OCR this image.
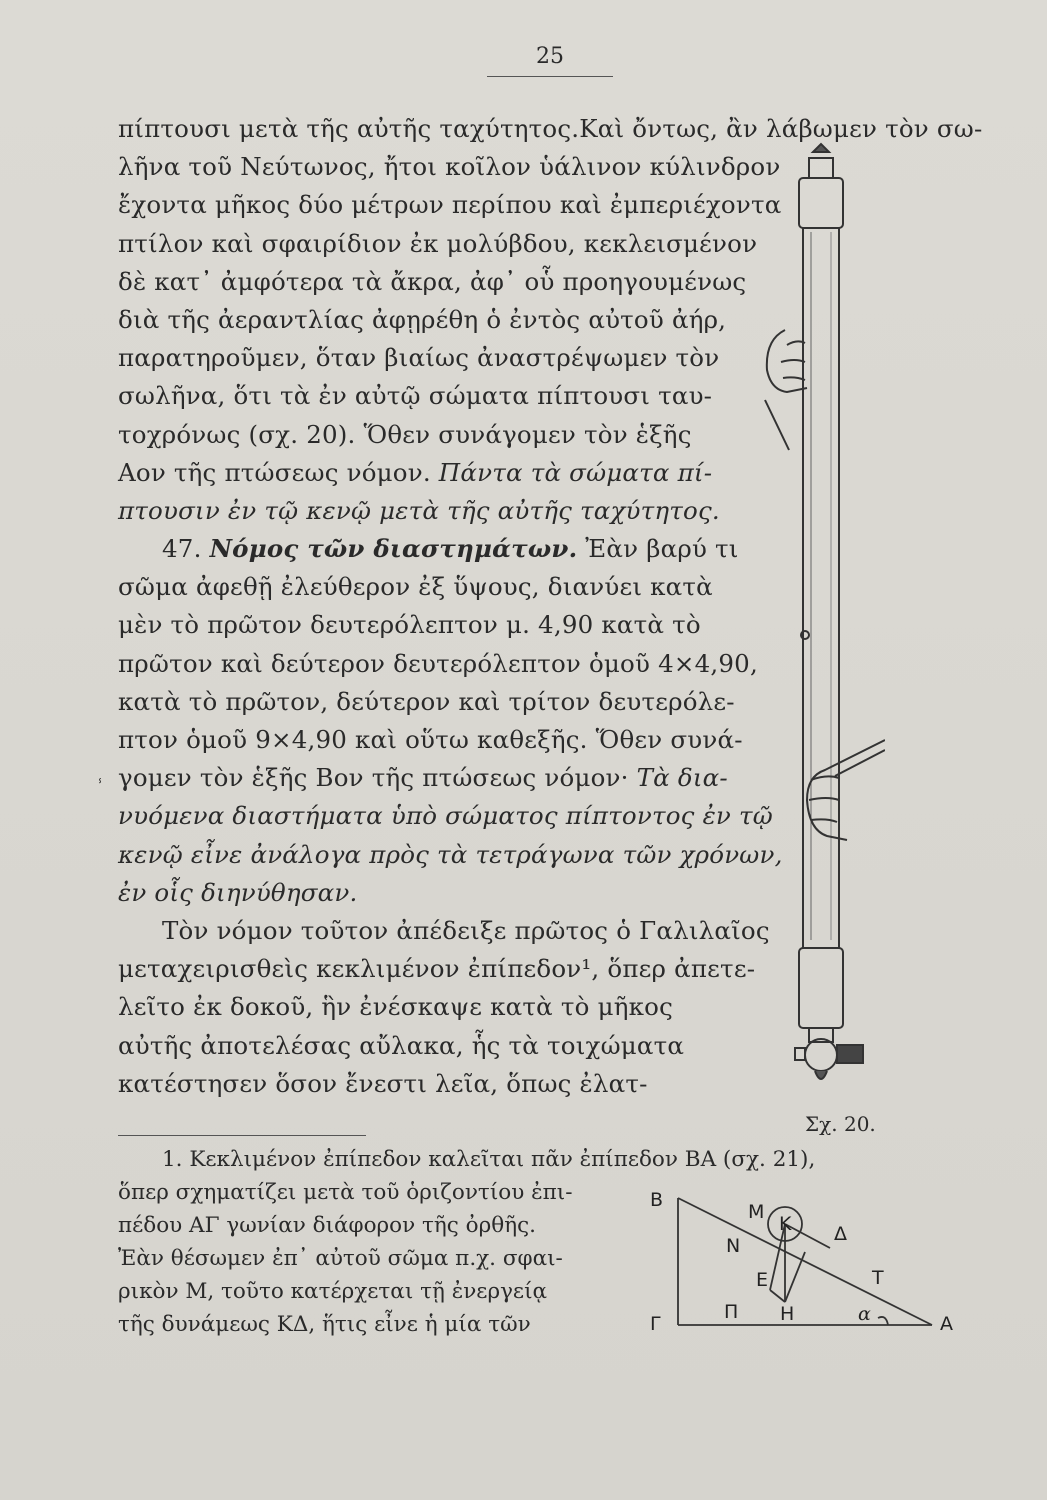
25
ⸯ
πίπτουσι μετὰ τῆς αὐτῆς ταχύτητος.Καὶ ὄντως, ἂν λάβωμεν τὸν σω-
λῆνα τοῦ Νεύτωνος, ἤτοι κοῖλον ὑάλινον κύλινδρον
ἔχοντα μῆκος δύο μέτρων περίπου καὶ ἐμπεριέχοντα
πτίλον καὶ σφαιρίδιον ἐκ μολύβδου, κεκλεισμένον
δὲ κατ᾽ ἀμφότερα τὰ ἄκρα, ἀφ᾽ οὗ προηγουμένως
διὰ τῆς ἀεραντλίας ἀφῃρέθη ὁ ἐντὸς αὐτοῦ ἀήρ,
παρατηροῦμεν, ὅταν βιαίως ἀναστρέψωμεν τὸν
σωλῆνα, ὅτι τὰ ἐν αὐτῷ σώματα πίπτουσι ταυ-
τοχρόνως (σχ. 20). Ὅθεν συνάγομεν τὸν ἑξῆς
Αον τῆς πτώσεως νόμον. Πάντα τὰ σώματα πί-
πτουσιν ἐν τῷ κενῷ μετὰ τῆς αὐτῆς ταχύτητος.
47. Νόμος τῶν διαστημάτων. Ἐὰν βαρύ τι
σῶμα ἀφεθῇ ἐλεύθερον ἐξ ὕψους, διανύει κατὰ
μὲν τὸ πρῶτον δευτερόλεπτον μ. 4,90 κατὰ τὸ
πρῶτον καὶ δεύτερον δευτερόλεπτον ὁμοῦ 4×4,90,
κατὰ τὸ πρῶτον, δεύτερον καὶ τρίτον δευτερόλε-
πτον ὁμοῦ 9×4,90 καὶ οὕτω καθεξῆς. Ὅθεν συνά-
γομεν τὸν ἑξῆς Βον τῆς πτώσεως νόμον· Τὰ δια-
νυόμενα διαστήματα ὑπὸ σώματος πίπτοντος ἐν τῷ
κενῷ εἶνε ἀνάλογα πρὸς τὰ τετράγωνα τῶν χρόνων,
ἐν οἷς διηνύθησαν.
Τὸν νόμον τοῦτον ἀπέδειξε πρῶτος ὁ Γαλιλαῖος
μεταχειρισθεὶς κεκλιμένον ἐπίπεδον¹, ὅπερ ἀπετε-
λεῖτο ἐκ δοκοῦ, ἣν ἐνέσκαψε κατὰ τὸ μῆκος
αὐτῆς ἀποτελέσας αὔλακα, ἧς τὰ τοιχώματα
κατέστησεν ὅσον ἔνεστι λεῖα, ὅπως ἐλατ-
Σχ. 20.
1. Κεκλιμένον ἐπίπεδον καλεῖται πᾶν ἐπίπεδον ΒΑ (σχ. 21),
ὅπερ σχηματίζει μετὰ τοῦ ὁριζοντίου ἐπι-
πέδου ΑΓ γωνίαν διάφορον τῆς ὀρθῆς.
Ἐὰν θέσωμεν ἐπ᾽ αὐτοῦ σῶμα π.χ. σφαι-
ρικὸν Μ, τοῦτο κατέρχεται τῇ ἐνεργείᾳ
τῆς δυνάμεως ΚΔ, ἥτις εἶνε ἡ μία τῶν
B
M
K Δ
N
E	T
Π H
Γ	α	A
